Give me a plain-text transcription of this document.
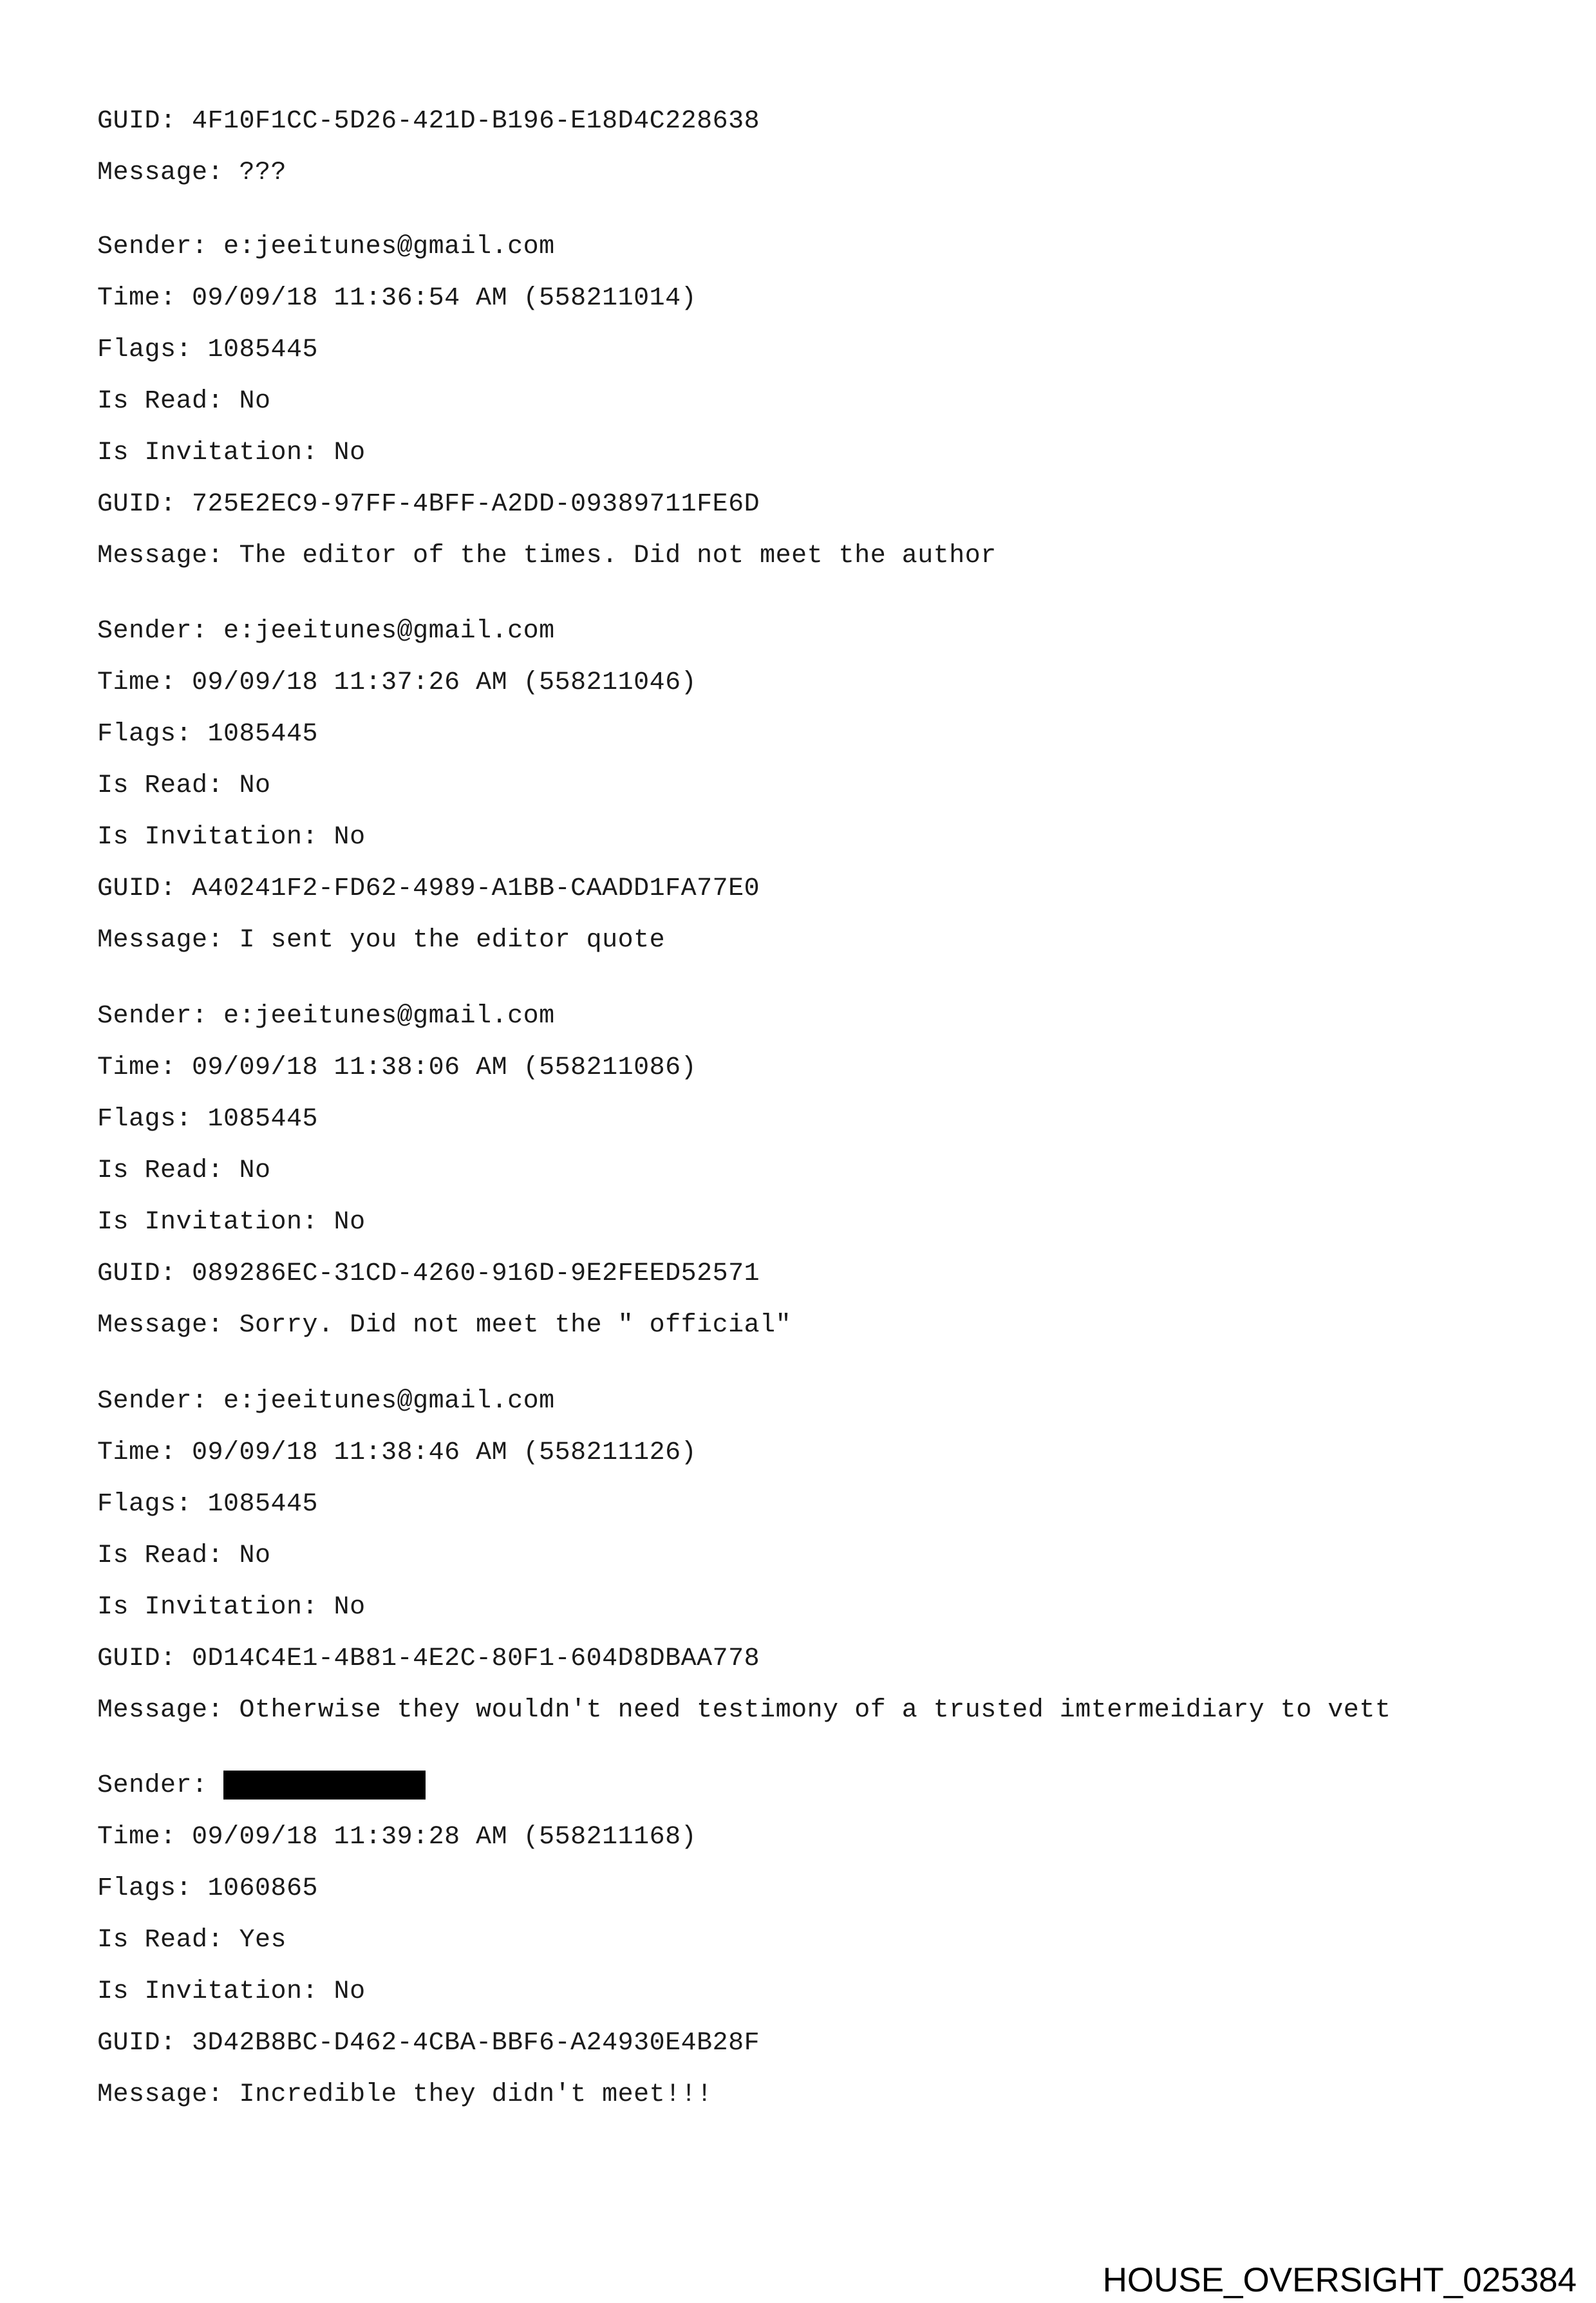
GUID: 4F10F1CC-5D26-421D-B196-E18D4C228638
Message: ???
Sender: e:jeeitunes@gmail.com
Time: 09/09/18 11:36:54 AM (558211014)
Flags: 1085445
Is Read: No
Is Invitation: No
GUID: 725E2EC9-97FF-4BFF-A2DD-09389711FE6D
Message: The editor of the times. Did not meet the author
Sender: e:jeeitunes@gmail.com
Time: 09/09/18 11:37:26 AM (558211046)
Flags: 1085445
Is Read: No
Is Invitation: No
GUID: A40241F2-FD62-4989-A1BB-CAADD1FA77E0
Message: I sent you the editor quote
Sender: e:jeeitunes@gmail.com
Time: 09/09/18 11:38:06 AM (558211086)
Flags: 1085445
Is Read: No
Is Invitation: No
GUID: 089286EC-31CD-4260-916D-9E2FEED52571
Message: Sorry. Did not meet the " official"
Sender: e:jeeitunes@gmail.com
Time: 09/09/18 11:38:46 AM (558211126)
Flags: 1085445
Is Read: No
Is Invitation: No
GUID: 0D14C4E1-4B81-4E2C-80F1-604D8DBAA778
Message: Otherwise they wouldn't need testimony of a trusted imtermeidiary to vett
Sender:
Time: 09/09/18 11:39:28 AM (558211168)
Flags: 1060865
Is Read: Yes
Is Invitation: No
GUID: 3D42B8BC-D462-4CBA-BBF6-A24930E4B28F
Message: Incredible they didn't meet!!!
HOUSE_OVERSIGHT_025384
